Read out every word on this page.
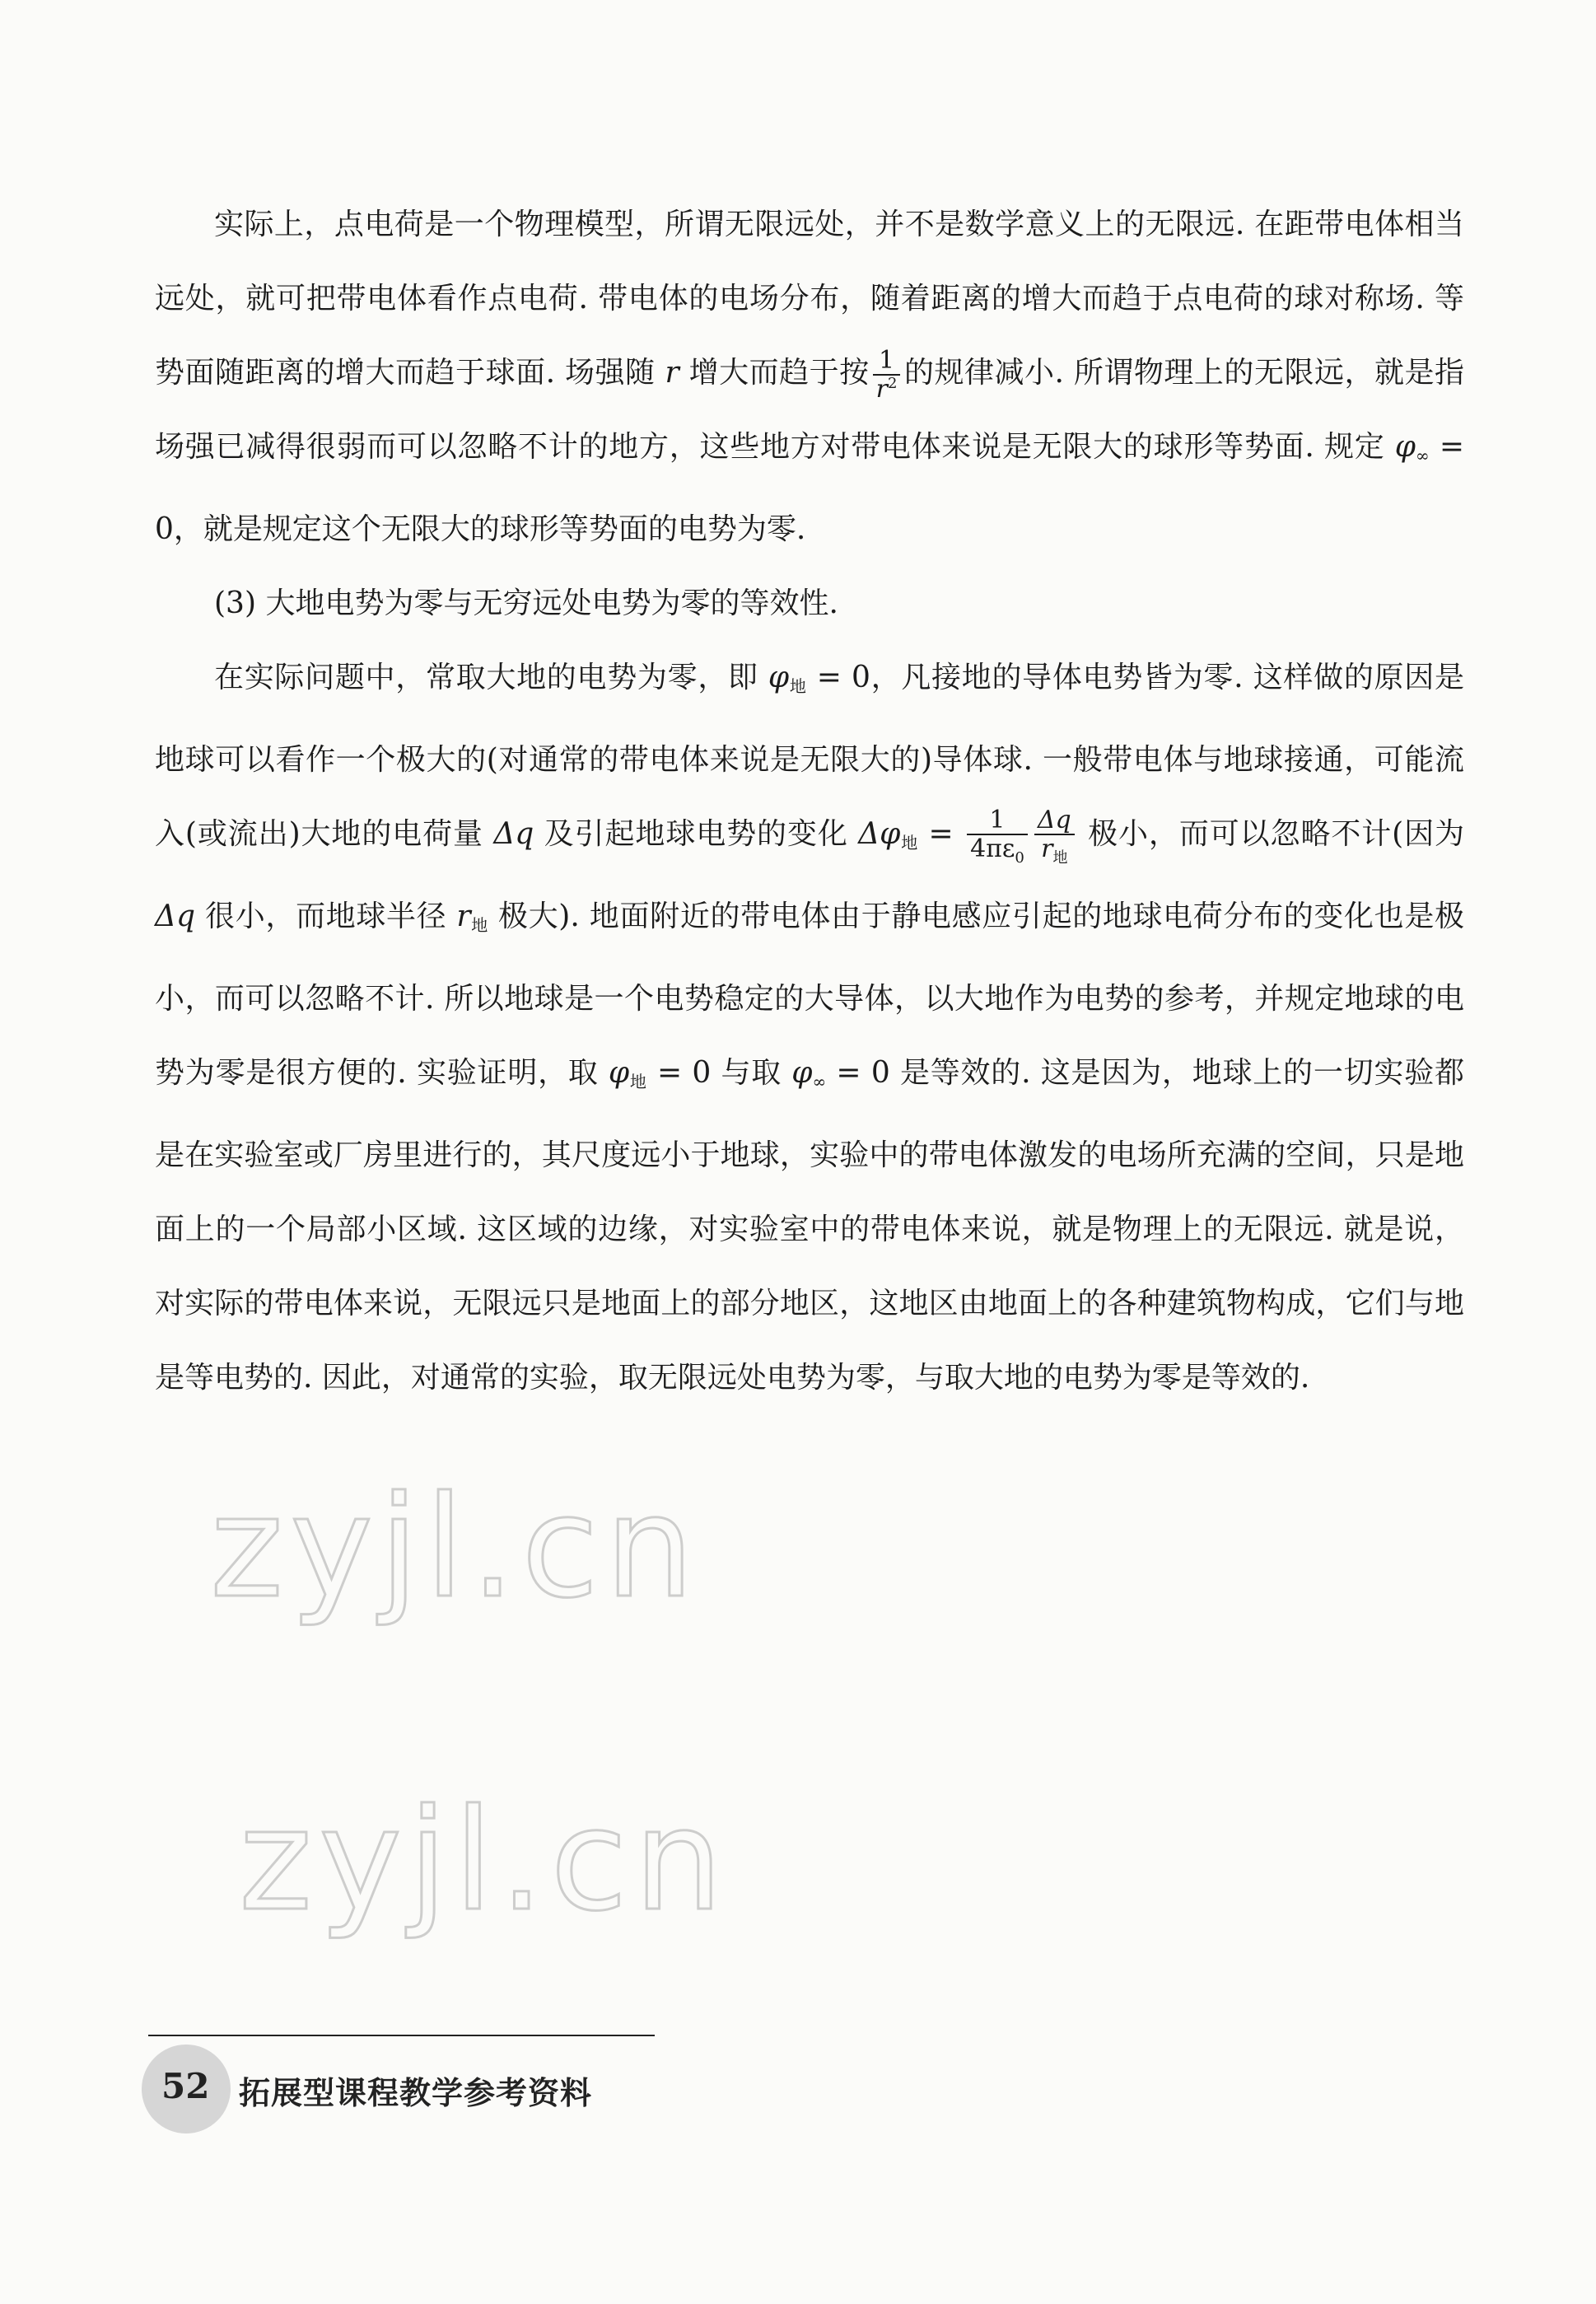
实际上，点电荷是一个物理模型，所谓无限远处，并不是数学意义上的无限远. 在距带电体相当远处，就可把带电体看作点电荷. 带电体的电场分布，随着距离的增大而趋于点电荷的球对称场. 等势面随距离的增大而趋于球面. 场强随 r 增大而趋于按 $\frac{1}{r^2}$ 的规律减小. 所谓物理上的无限远，就是指场强已减得很弱而可以忽略不计的地方，这些地方对带电体来说是无限大的球形等势面. 规定 $\varphi_\infty = 0$，就是规定这个无限大的球形等势面的电势为零.

(3) 大地电势为零与无穷远处电势为零的等效性.

在实际问题中，常取大地的电势为零，即 $\varphi_地 = 0$，凡接地的导体电势皆为零. 这样做的原因是地球可以看作一个极大的(对通常的带电体来说是无限大的)导体球. 一般带电体与地球接通，可能流入(或流出)大地的电荷量 Δq 及引起地球电势的变化 $\Delta\varphi_地 = \frac{1}{4\pi\varepsilon_0} \frac{\Delta q}{r_地}$ 极小，而可以忽略不计(因为 Δq 很小，而地球半径 $r_地$ 极大). 地面附近的带电体由于静电感应引起的地球电荷分布的变化也是极小，而可以忽略不计. 所以地球是一个电势稳定的大导体，以大地作为电势的参考，并规定地球的电势为零是很方便的. 实验证明，取 $\varphi_地 = 0$ 与取 $\varphi_\infty = 0$ 是等效的. 这是因为，地球上的一切实验都是在实验室或厂房里进行的，其尺度远小于地球，实验中的带电体激发的电场所充满的空间，只是地面上的一个局部小区域. 这区域的边缘，对实验室中的带电体来说，就是物理上的无限远. 就是说，对实际的带电体来说，无限远只是地面上的部分地区，这地区由地面上的各种建筑物构成，它们与地是等电势的. 因此，对通常的实验，取无限远处电势为零，与取大地的电势为零是等效的.

zyjl.cn
zyjl.cn
52 拓展型课程教学参考资料
